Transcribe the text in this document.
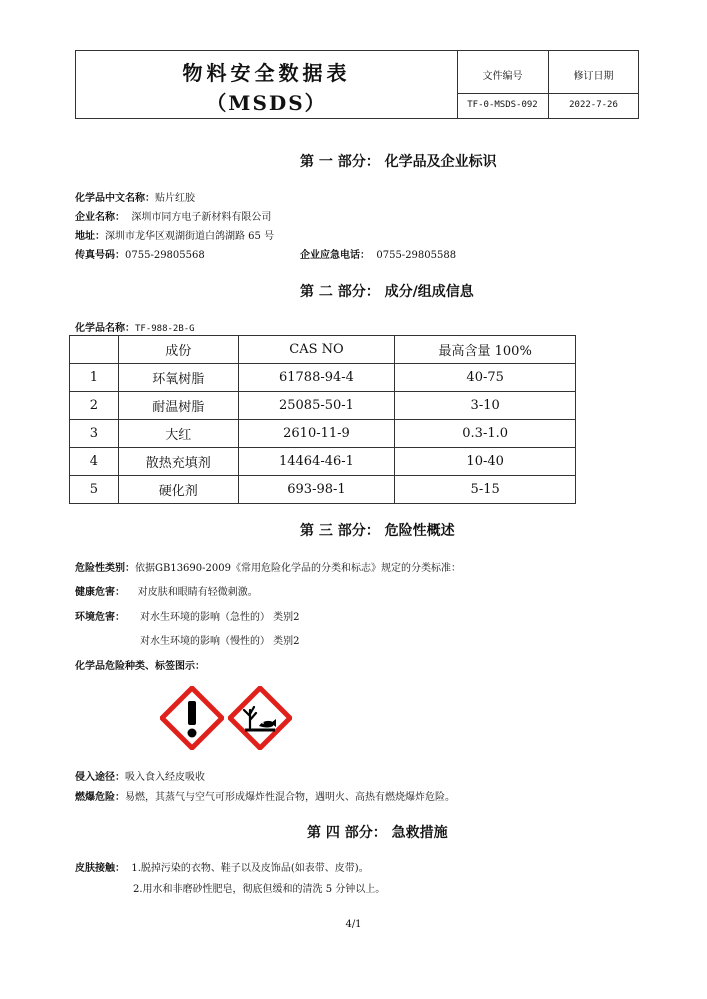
物料安全数据表
（MSDS）
文件编号	修订日期
TF-0-MSDS-092	2022-7-26
第 一 部分： 化学品及企业标识
化学品中文名称：贴片红胶
企业名称： 深圳市同方电子新材料有限公司
地址：深圳市龙华区观湖街道白鸽湖路 65 号
传真号码：0755-29805568	企业应急电话： 0755-29805588
第 二 部分： 成分/组成信息
化学品名称：TF-988-2B-G
	成份	CAS NO	最高含量 100%
1	环氧树脂	61788-94-4	40-75
2	耐温树脂	25085-50-1	3-10
3	大红	2610-11-9	0.3-1.0
4	散热充填剂	14464-46-1	10-40
5	硬化剂	693-98-1	5-15
第 三 部分： 危险性概述
危险性类别：依据GB13690-2009《常用危险化学品的分类和标志》规定的分类标准：
健康危害： 对皮肤和眼睛有轻微刺激。
环境危害： 对水生环境的影响（急性的） 类别2
对水生环境的影响（慢性的） 类别2
化学品危险种类、标签图示：
侵入途径：吸入食入经皮吸收
燃爆危险：易燃，其蒸气与空气可形成爆炸性混合物，遇明火、高热有燃烧爆炸危险。
第 四 部分： 急救措施
皮肤接触： 1.脱掉污染的衣物、鞋子以及皮饰品(如表带、皮带)。
2.用水和非磨砂性肥皂，彻底但缓和的清洗 5 分钟以上。
4/1
